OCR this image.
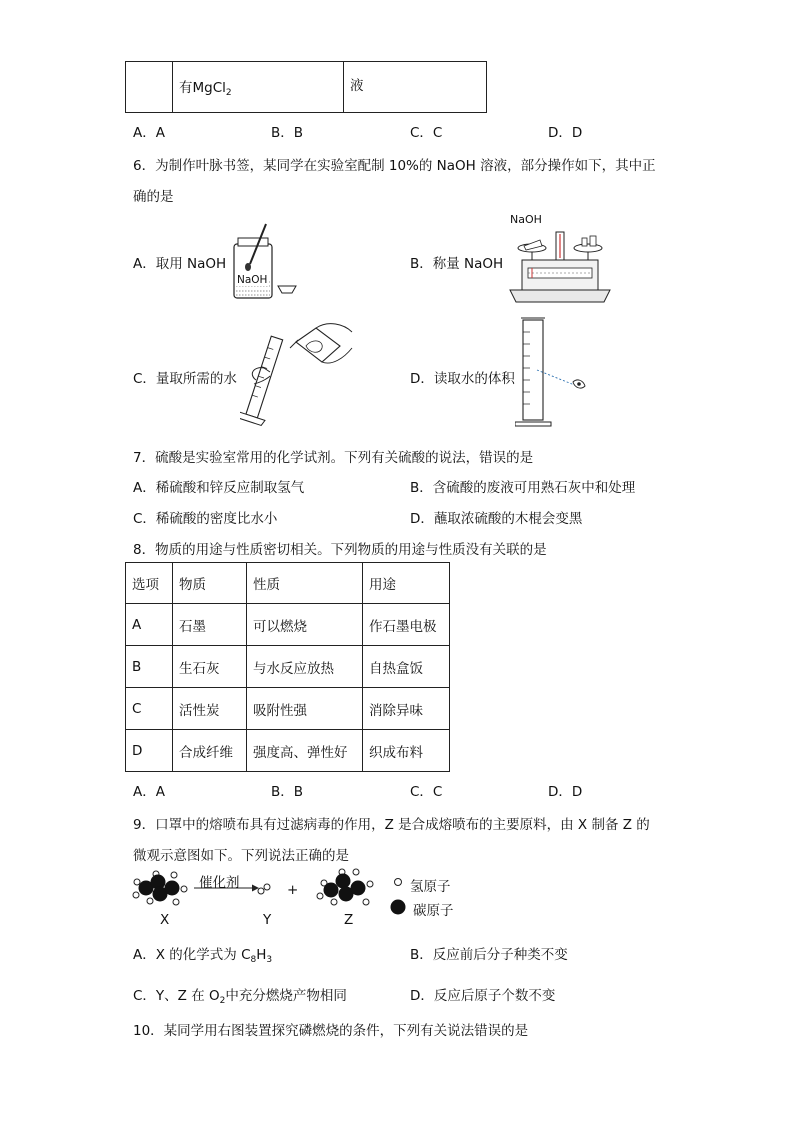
	有MgCl$_2$	液
A．A	B．B	C．C	D．D
6．为制作叶脉书签，某同学在实验室配制 10%的 NaOH 溶液，部分操作如下，其中正
确的是
A．取用 NaOH
NaOH
B．称量 NaOH
NaOH
C．量取所需的水	D．读取水的体积
7．硫酸是实验室常用的化学试剂。下列有关硫酸的说法，错误的是
A．稀硫酸和锌反应制取氢气	B．含硫酸的废液可用熟石灰中和处理
C．稀硫酸的密度比水小	D．蘸取浓硫酸的木棍会变黑
8．物质的用途与性质密切相关。下列物质的用途与性质没有关联的是
选项	物质	性质	用途
A	石墨	可以燃烧	作石墨电极
B	生石灰	与水反应放热	自热盒饭
C	活性炭	吸附性强	消除异味
D	合成纤维	强度高、弹性好	织成布料
A．A	B．B	C．C	D．D
9．口罩中的熔喷布具有过滤病毒的作用，Z 是合成熔喷布的主要原料，由 X 制备 Z 的
微观示意图如下。下列说法正确的是
催化剂	+
X	Y	Z
氢原子
碳原子
A．X 的化学式为 $C_8H_3$	B．反应前后分子种类不变
C．Y、Z 在 $O_2$中充分燃烧产物相同	D．反应后原子个数不变
10．某同学用右图装置探究磷燃烧的条件，下列有关说法错误的是
